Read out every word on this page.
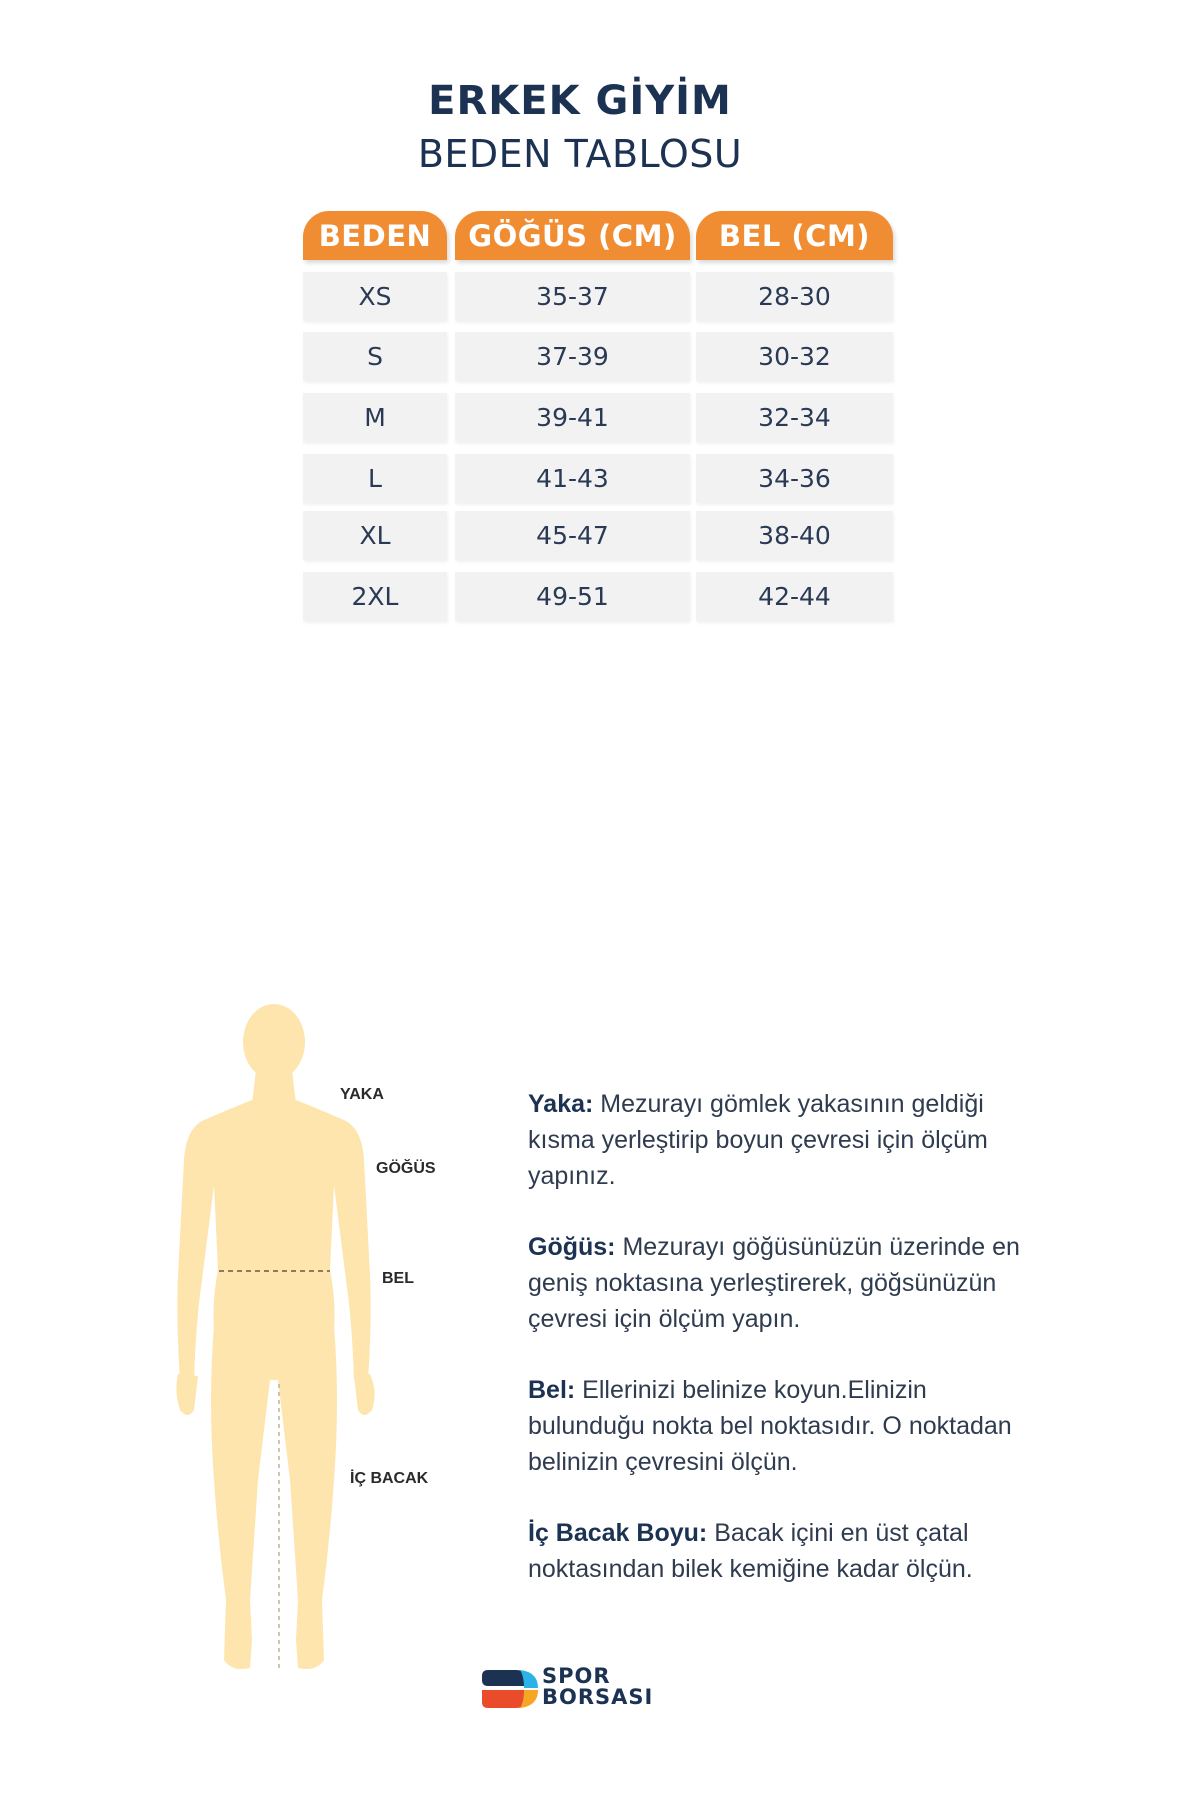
ERKEK GİYİM
BEDEN TABLOSU
BEDEN	GÖĞÜS (CM)	BEL (CM)
XS	35-37	28-30
S	37-39	30-32
M	39-41	32-34
L	41-43	34-36
XL	45-47	38-40
2XL	49-51	42-44
YAKA
GÖĞÜS
BEL
İÇ BACAK

Yaka: Mezurayı gömlek yakasının geldiği kısma yerleştirip boyun çevresi için ölçüm yapınız.

Göğüs: Mezurayı göğüsünüzün üzerinde en geniş noktasına yerleştirerek, göğsünüzün çevresi için ölçüm yapın.

Bel: Ellerinizi belinize koyun.Elinizin bulunduğu nokta bel noktasıdır. O noktadan belinizin çevresini ölçün.

İç Bacak Boyu: Bacak içini en üst çatal noktasından bilek kemiğine kadar ölçün.

SPOR
BORSASI
